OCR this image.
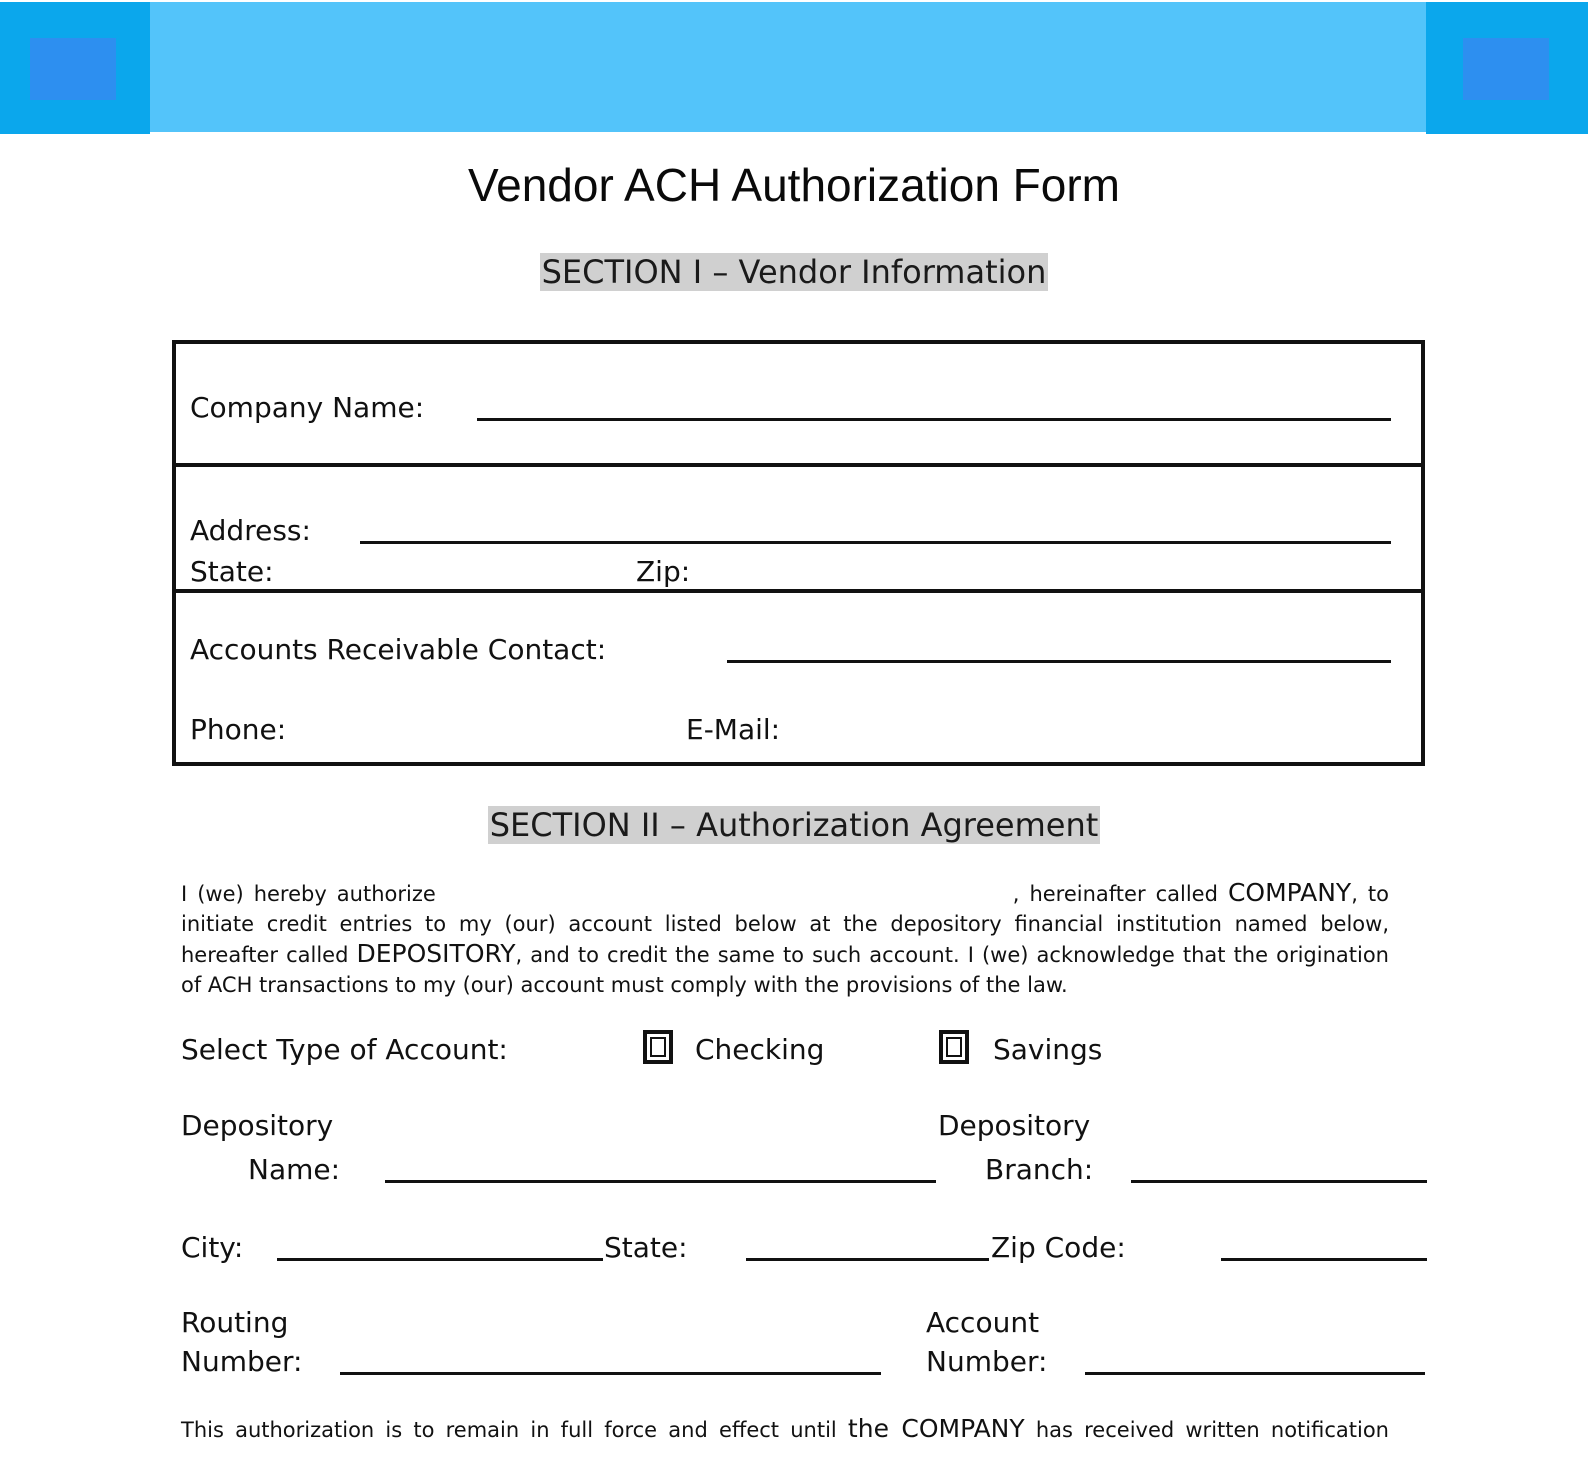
Vendor ACH Authorization Form
SECTION I – Vendor Information
Company Name:
Address:
State:	Zip:
Accounts Receivable Contact:
Phone:	E-Mail:
SECTION II – Authorization Agreement
I (we) hereby authorize	, hereinafter called COMPANY, to initiate credit entries to my (our) account listed below at the depository financial institution named below, hereafter called DEPOSITORY, and to credit the same to such account. I (we) acknowledge that the origination of ACH transactions to my (our) account must comply with the provisions of the law.
Select Type of Account:	Checking	Savings
Depository
Name:
Depository
Branch:
City:	State:	Zip Code:
Routing
Number:
Account
Number:
This authorization is to remain in full force and effect until the COMPANY has received written notification
